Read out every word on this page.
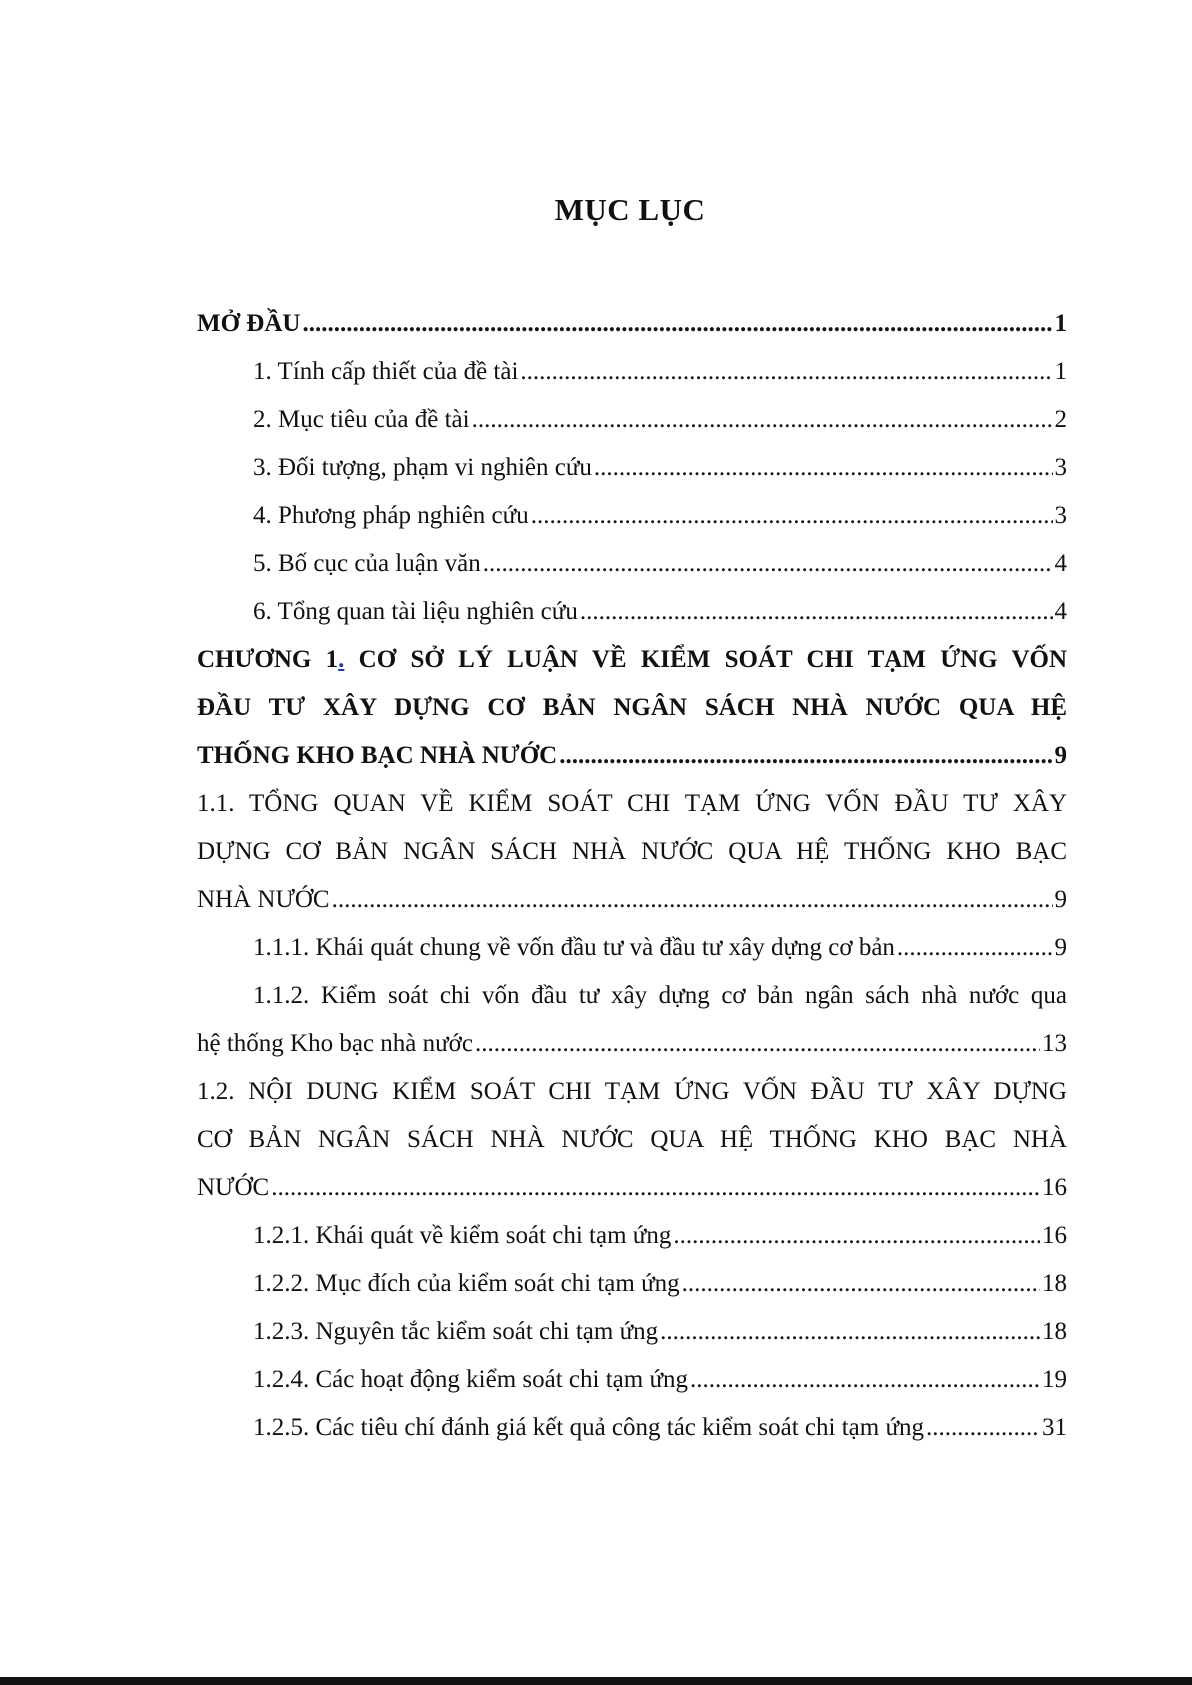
MỤC LỤC
MỞ ĐẦU .....	1
1. Tính cấp thiết của đề tài .....	1
2. Mục tiêu của đề tài .....	2
3. Đối tượng, phạm vi nghiên cứu .....	3
4. Phương pháp nghiên cứu .....	3
5. Bố cục của luận văn .....	4
6. Tổng quan tài liệu nghiên cứu .....	4
CHƯƠNG 1. CƠ SỞ LÝ LUẬN VỀ KIỂM SOÁT CHI TẠM ỨNG VỐN
ĐẦU TƯ XÂY DỰNG CƠ BẢN NGÂN SÁCH NHÀ NƯỚC QUA HỆ
THỐNG KHO BẠC NHÀ NƯỚC .....	9
1.1. TỔNG QUAN VỀ KIỂM SOÁT CHI TẠM ỨNG VỐN ĐẦU TƯ XÂY
DỰNG CƠ BẢN NGÂN SÁCH NHÀ NƯỚC QUA HỆ THỐNG KHO BẠC
NHÀ NƯỚC .....	9
1.1.1. Khái quát chung về vốn đầu tư và đầu tư xây dựng cơ bản .....	9
1.1.2. Kiểm soát chi vốn đầu tư xây dựng cơ bản ngân sách nhà nước qua
hệ thống Kho bạc nhà nước .....	13
1.2. NỘI DUNG KIỂM SOÁT CHI TẠM ỨNG VỐN ĐẦU TƯ XÂY DỰNG
CƠ BẢN NGÂN SÁCH NHÀ NƯỚC QUA HỆ THỐNG KHO BẠC NHÀ
NƯỚC .....	16
1.2.1. Khái quát về kiểm soát chi tạm ứng .....	16
1.2.2. Mục đích của kiểm soát chi tạm ứng .....	18
1.2.3. Nguyên tắc kiểm soát chi tạm ứng .....	18
1.2.4. Các hoạt động kiểm soát chi tạm ứng .....	19
1.2.5. Các tiêu chí đánh giá kết quả công tác kiểm soát chi tạm ứng .....	31
